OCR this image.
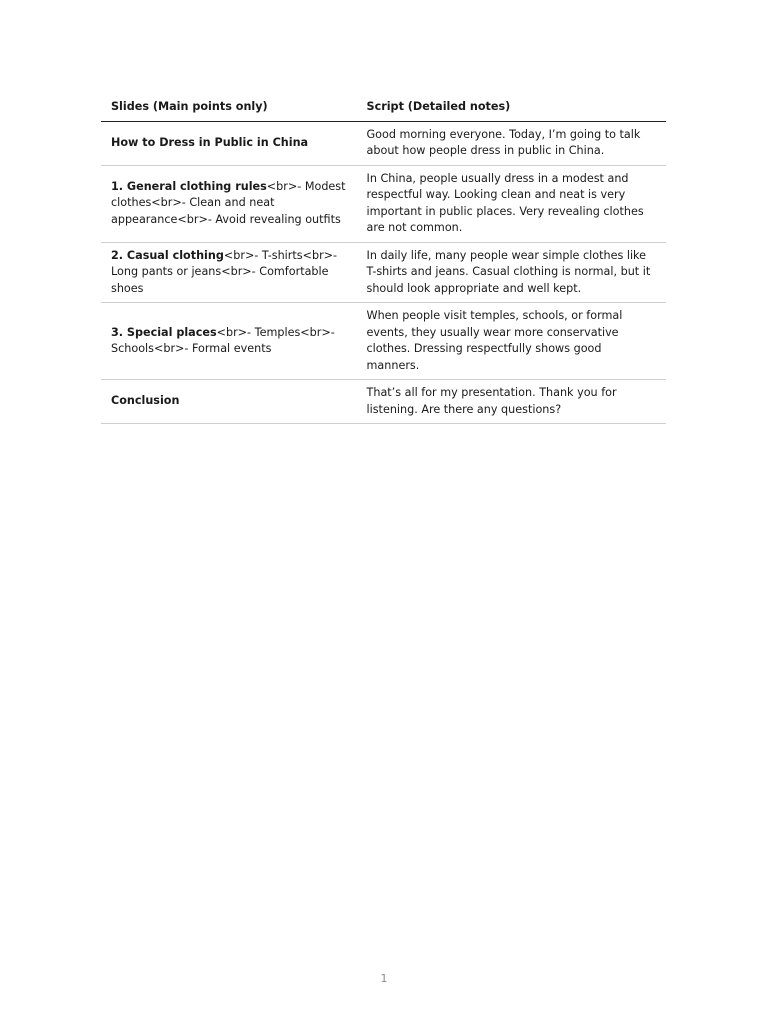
Slides (Main points only)	Script (Detailed notes)
How to Dress in Public in China	Good morning everyone. Today, I’m going to talk about how people dress in public in China.
1. General clothing rules<br>- Modest clothes<br>- Clean and neat appearance<br>- Avoid revealing outfits	In China, people usually dress in a modest and respectful way. Looking clean and neat is very important in public places. Very revealing clothes are not common.
2. Casual clothing<br>- T-shirts<br>- Long pants or jeans<br>- Comfortable shoes	In daily life, many people wear simple clothes like T-shirts and jeans. Casual clothing is normal, but it should look appropriate and well kept.
3. Special places<br>- Temples<br>- Schools<br>- Formal events	When people visit temples, schools, or formal events, they usually wear more conservative clothes. Dressing respectfully shows good manners.
Conclusion	That’s all for my presentation. Thank you for listening. Are there any questions?
1
